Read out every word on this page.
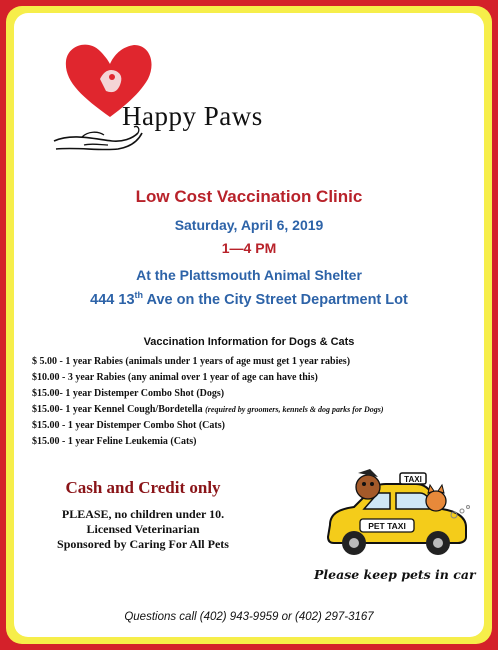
Happy Paws
Low Cost Vaccination Clinic
Saturday, April 6, 2019
1—4 PM
At the Plattsmouth Animal Shelter
444 13th Ave on the City Street Department Lot
Vaccination Information for Dogs & Cats
$ 5.00 - 1 year Rabies (animals under 1 years of age must get 1 year rabies)
$10.00 - 3 year Rabies (any animal over 1 year of age can have this)
$15.00- 1 year Distemper Combo Shot (Dogs)
$15.00- 1 year Kennel Cough/Bordetella (required by groomers, kennels & dog parks for Dogs)
$15.00 - 1 year Distemper Combo Shot (Cats)
$15.00 - 1 year Feline Leukemia (Cats)
Cash and Credit only
PLEASE, no children under 10.
Licensed Veterinarian
Sponsored by Caring For All Pets
TAXI
PET TAXI
Please keep pets in car
Questions call (402) 943-9959 or (402) 297-3167
